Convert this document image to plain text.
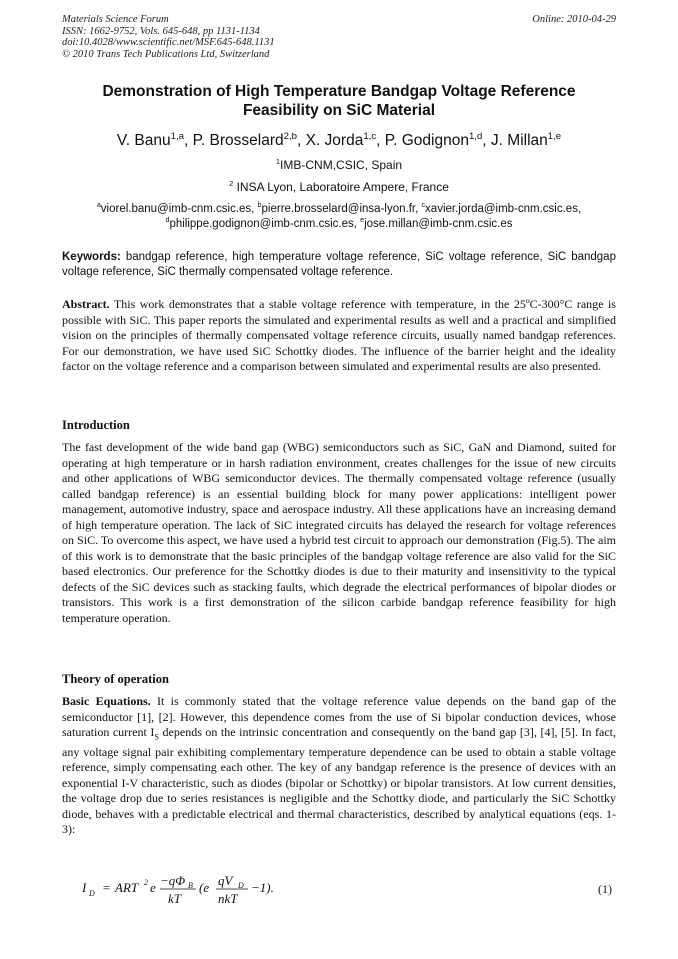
Materials Science Forum
ISSN: 1662-9752, Vols. 645-648, pp 1131-1134
doi:10.4028/www.scientific.net/MSF.645-648.1131
© 2010 Trans Tech Publications Ltd, Switzerland
Online: 2010-04-29
Demonstration of High Temperature Bandgap Voltage Reference
Feasibility on SiC Material
V. Banu$^{1,a}$, P. Brosselard$^{2,b}$, X. Jorda$^{1,c}$, P. Godignon$^{1,d}$, J. Millan$^{1,e}$
$^1$IMB-CNM,CSIC, Spain
$^2$ INSA Lyon, Laboratoire Ampere, France
$^a$viorel.banu@imb-cnm.csic.es, $^b$pierre.brosselard@insa-lyon.fr, $^c$xavier.jorda@imb-cnm.csic.es,
$^d$philippe.godignon@imb-cnm.csic.es, $^e$jose.millan@imb-cnm.csic.es
Keywords: bandgap reference, high temperature voltage reference, SiC voltage reference, SiC bandgap voltage reference, SiC thermally compensated voltage reference.
Abstract. This work demonstrates that a stable voltage reference with temperature, in the 25ºC-300°C range is possible with SiC. This paper reports the simulated and experimental results as well and a practical and simplified vision on the principles of thermally compensated voltage reference circuits, usually named bandgap references. For our demonstration, we have used SiC Schottky diodes. The influence of the barrier height and the ideality factor on the voltage reference and a comparison between simulated and experimental results are also presented.
Introduction
The fast development of the wide band gap (WBG) semiconductors such as SiC, GaN and Diamond, suited for operating at high temperature or in harsh radiation environment, creates challenges for the issue of new circuits and other applications of WBG semiconductor devices. The thermally compensated voltage reference (usually called bandgap reference) is an essential building block for many power applications: intelligent power management, automotive industry, space and aerospace industry. All these applications have an increasing demand of high temperature operation. The lack of SiC integrated circuits has delayed the research for voltage references on SiC. To overcome this aspect, we have used a hybrid test circuit to approach our demonstration (Fig.5). The aim of this work is to demonstrate that the basic principles of the bandgap voltage reference are also valid for the SiC based electronics. Our preference for the Schottky diodes is due to their maturity and insensitivity to the typical defects of the SiC devices such as stacking faults, which degrade the electrical performances of bipolar diodes or transistors. This work is a first demonstration of the silicon carbide bandgap reference feasibility for high temperature operation.
Theory of operation
Basic Equations. It is commonly stated that the voltage reference value depends on the band gap of the semiconductor [1], [2]. However, this dependence comes from the use of Si bipolar conduction devices, whose saturation current $I_S$ depends on the intrinsic concentration and consequently on the band gap [3], [4], [5]. In fact, any voltage signal pair exhibiting complementary temperature dependence can be used to obtain a stable voltage reference, simply compensating each other. The key of any bandgap reference is the presence of devices with an exponential I-V characteristic, such as diodes (bipolar or Schottky) or bipolar transistors. At low current densities, the voltage drop due to series resistances is negligible and the Schottky diode, and particularly the SiC Schottky diode, behaves with a predictable electrical and thermal characteristics, described by analytical equations (eqs. 1-3):
I D = ART 2 e −qΦ B
kT
(e qV D
nkT
−1).	(1)
